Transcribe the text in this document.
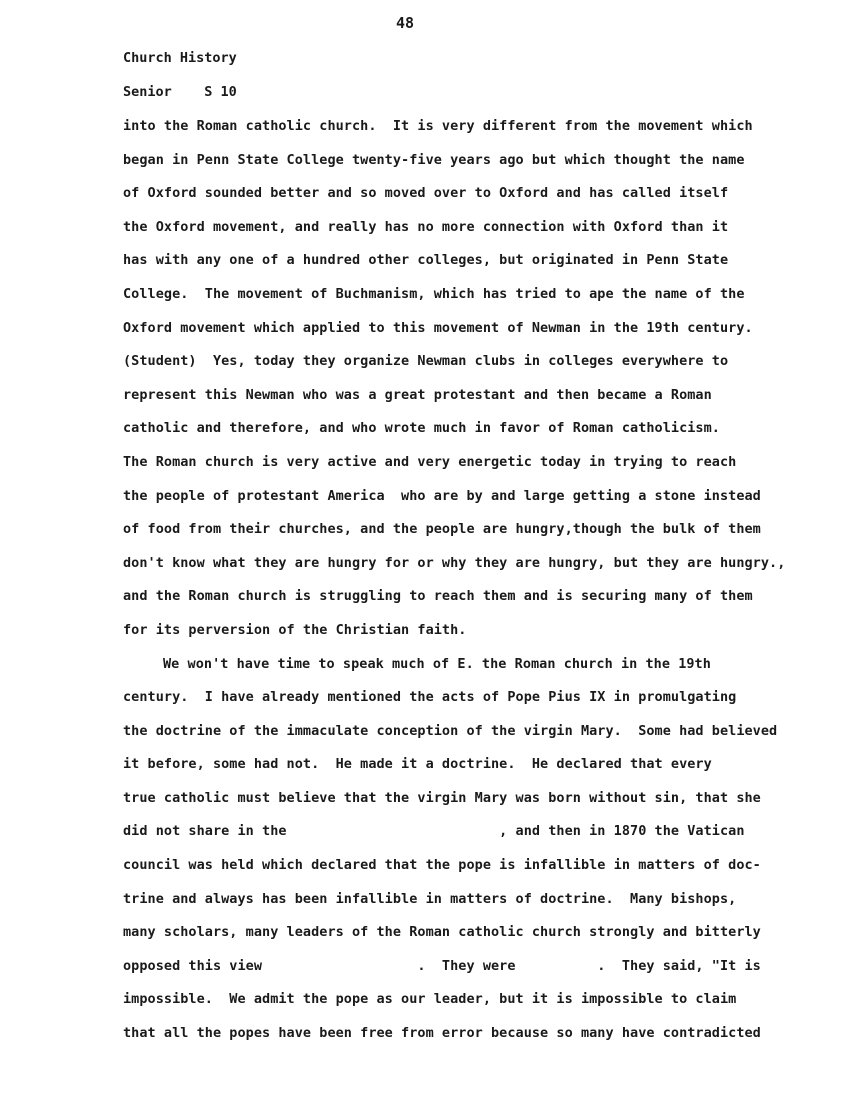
48
Church History
Senior    S 10
into the Roman catholic church.  It is very different from the movement which
began in Penn State College twenty-five years ago but which thought the name
of Oxford sounded better and so moved over to Oxford and has called itself
the Oxford movement, and really has no more connection with Oxford than it
has with any one of a hundred other colleges, but originated in Penn State
College.  The movement of Buchmanism, which has tried to ape the name of the
Oxford movement which applied to this movement of Newman in the 19th century.
(Student)  Yes, today they organize Newman clubs in colleges everywhere to
represent this Newman who was a great protestant and then became a Roman
catholic and therefore, and who wrote much in favor of Roman catholicism.
The Roman church is very active and very energetic today in trying to reach
the people of protestant America  who are by and large getting a stone instead
of food from their churches, and the people are hungry,though the bulk of them
don't know what they are hungry for or why they are hungry, but they are hungry.,
and the Roman church is struggling to reach them and is securing many of them
for its perversion of the Christian faith.
We won't have time to speak much of E. the Roman church in the 19th
century.  I have already mentioned the acts of Pope Pius IX in promulgating
the doctrine of the immaculate conception of the virgin Mary.  Some had believed
it before, some had not.  He made it a doctrine.  He declared that every
true catholic must believe that the virgin Mary was born without sin, that she
did not share in the                          , and then in 1870 the Vatican
council was held which declared that the pope is infallible in matters of doc-
trine and always has been infallible in matters of doctrine.  Many bishops,
many scholars, many leaders of the Roman catholic church strongly and bitterly
opposed this view                   .  They were          .  They said, "It is
impossible.  We admit the pope as our leader, but it is impossible to claim
that all the popes have been free from error because so many have contradicted
